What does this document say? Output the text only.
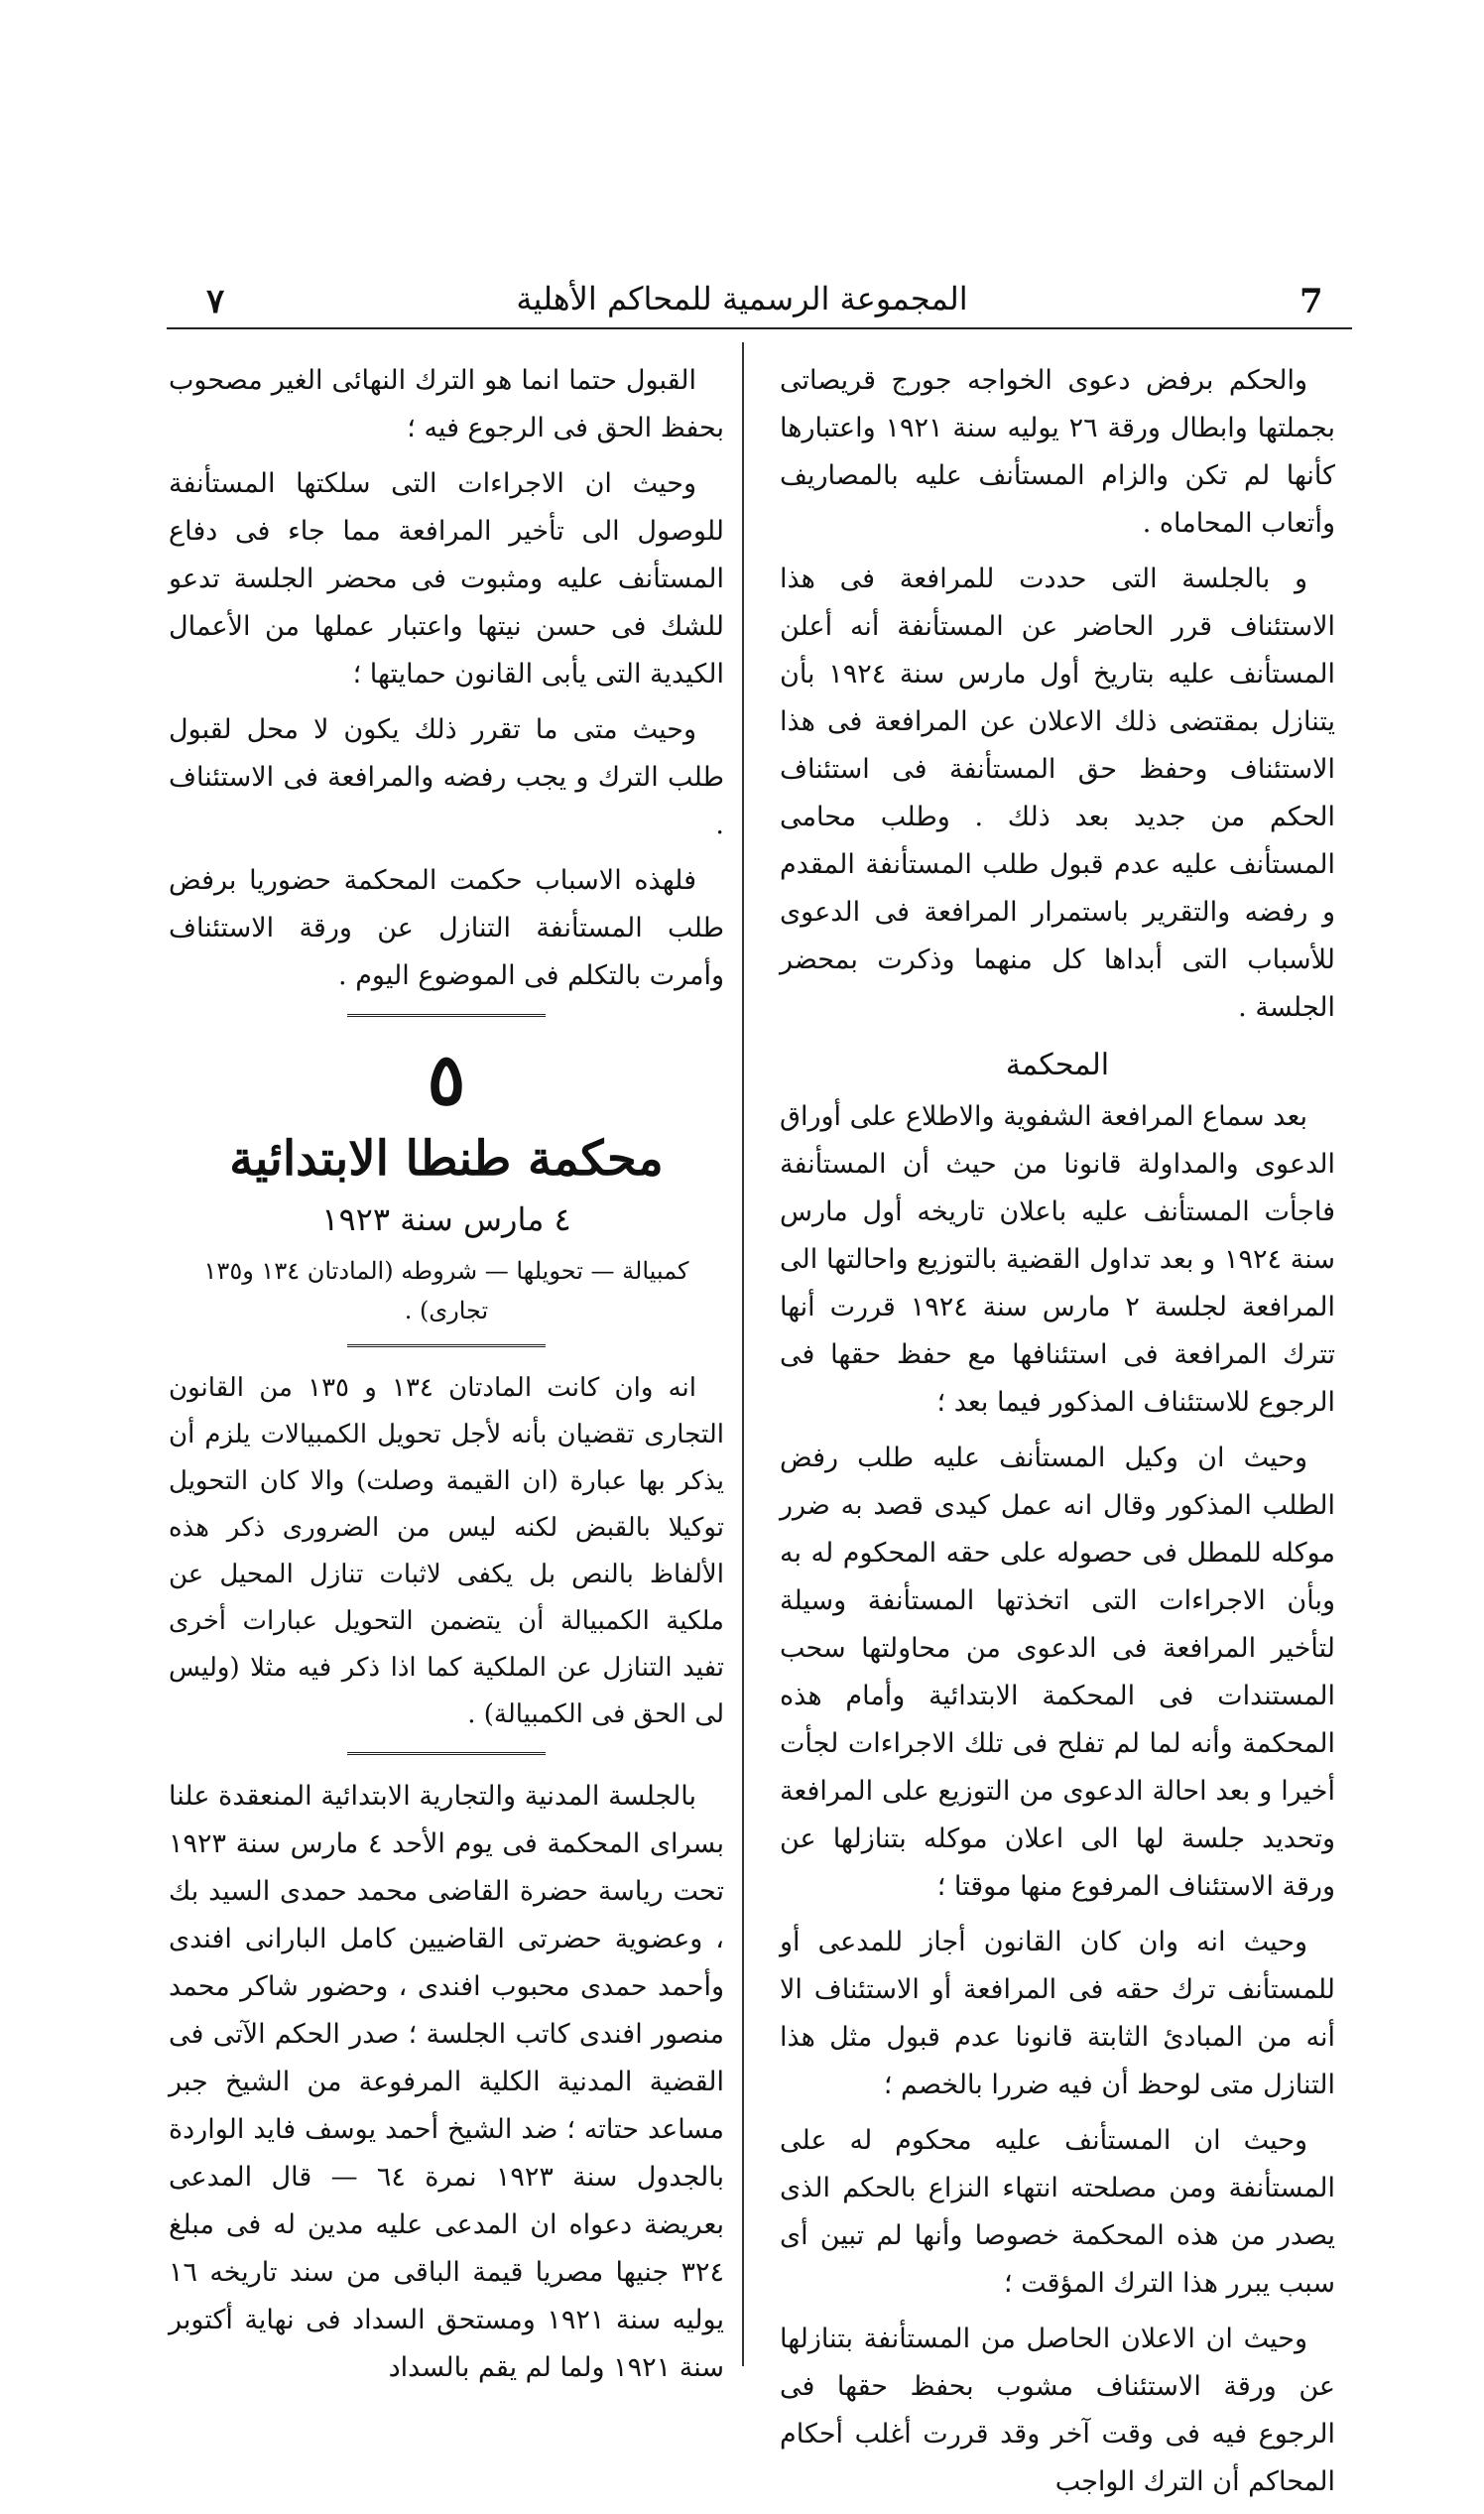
7
المجموعة الرسمية للمحاكم الأهلية
٧

والحكم برفض دعوى الخواجه جورج قريصاتى بجملتها وابطال ورقة ٢٦ يوليه سنة ١٩٢١ واعتبارها كأنها لم تكن والزام المستأنف عليه بالمصاريف وأتعاب المحاماه .

و بالجلسة التى حددت للمرافعة فى هذا الاستئناف قرر الحاضر عن المستأنفة أنه أعلن المستأنف عليه بتاريخ أول مارس سنة ١٩٢٤ بأن يتنازل بمقتضى ذلك الاعلان عن المرافعة فى هذا الاستئناف وحفظ حق المستأنفة فى استئناف الحكم من جديد بعد ذلك . وطلب محامى المستأنف عليه عدم قبول طلب المستأنفة المقدم و رفضه والتقرير باستمرار المرافعة فى الدعوى للأسباب التى أبداها كل منهما وذكرت بمحضر الجلسة .

المحكمة

بعد سماع المرافعة الشفوية والاطلاع على أوراق الدعوى والمداولة قانونا من حيث أن المستأنفة فاجأت المستأنف عليه باعلان تاريخه أول مارس سنة ١٩٢٤ و بعد تداول القضية بالتوزيع واحالتها الى المرافعة لجلسة ٢ مارس سنة ١٩٢٤ قررت أنها تترك المرافعة فى استئنافها مع حفظ حقها فى الرجوع للاستئناف المذكور فيما بعد ؛

وحيث ان وكيل المستأنف عليه طلب رفض الطلب المذكور وقال انه عمل كيدى قصد به ضرر موكله للمطل فى حصوله على حقه المحكوم له به وبأن الاجراءات التى اتخذتها المستأنفة وسيلة لتأخير المرافعة فى الدعوى من محاولتها سحب المستندات فى المحكمة الابتدائية وأمام هذه المحكمة وأنه لما لم تفلح فى تلك الاجراءات لجأت أخيرا و بعد احالة الدعوى من التوزيع على المرافعة وتحديد جلسة لها الى اعلان موكله بتنازلها عن ورقة الاستئناف المرفوع منها موقتا ؛

وحيث انه وان كان القانون أجاز للمدعى أو للمستأنف ترك حقه فى المرافعة أو الاستئناف الا أنه من المبادئ الثابتة قانونا عدم قبول مثل هذا التنازل متى لوحظ أن فيه ضررا بالخصم ؛

وحيث ان المستأنف عليه محكوم له على المستأنفة ومن مصلحته انتهاء النزاع بالحكم الذى يصدر من هذه المحكمة خصوصا وأنها لم تبين أى سبب يبرر هذا الترك المؤقت ؛

وحيث ان الاعلان الحاصل من المستأنفة بتنازلها عن ورقة الاستئناف مشوب بحفظ حقها فى الرجوع فيه فى وقت آخر وقد قررت أغلب أحكام المحاكم أن الترك الواجب

القبول حتما انما هو الترك النهائى الغير مصحوب بحفظ الحق فى الرجوع فيه ؛

وحيث ان الاجراءات التى سلكتها المستأنفة للوصول الى تأخير المرافعة مما جاء فى دفاع المستأنف عليه ومثبوت فى محضر الجلسة تدعو للشك فى حسن نيتها واعتبار عملها من الأعمال الكيدية التى يأبى القانون حمايتها ؛

وحيث متى ما تقرر ذلك يكون لا محل لقبول طلب الترك و يجب رفضه والمرافعة فى الاستئناف .

فلهذه الاسباب حكمت المحكمة حضوريا برفض طلب المستأنفة التنازل عن ورقة الاستئناف وأمرت بالتكلم فى الموضوع اليوم .

٥
محكمة طنطا الابتدائية
٤ مارس سنة ١٩٢٣
كمبيالة — تحويلها — شروطه (المادتان ١٣٤ و١٣٥ تجارى) .

انه وان كانت المادتان ١٣٤ و ١٣٥ من القانون التجارى تقضيان بأنه لأجل تحويل الكمبيالات يلزم أن يذكر بها عبارة (ان القيمة وصلت) والا كان التحويل توكيلا بالقبض لكنه ليس من الضرورى ذكر هذه الألفاظ بالنص بل يكفى لاثبات تنازل المحيل عن ملكية الكمبيالة أن يتضمن التحويل عبارات أخرى تفيد التنازل عن الملكية كما اذا ذكر فيه مثلا (وليس لى الحق فى الكمبيالة) .

بالجلسة المدنية والتجارية الابتدائية المنعقدة علنا بسراى المحكمة فى يوم الأحد ٤ مارس سنة ١٩٢٣ تحت رياسة حضرة القاضى محمد حمدى السيد بك ، وعضوية حضرتى القاضيين كامل البارانى افندى وأحمد حمدى محبوب افندى ، وحضور شاكر محمد منصور افندى كاتب الجلسة ؛ صدر الحكم الآتى فى القضية المدنية الكلية المرفوعة من الشيخ جبر مساعد حتاته ؛ ضد الشيخ أحمد يوسف فايد الواردة بالجدول سنة ١٩٢٣ نمرة ٦٤ — قال المدعى بعريضة دعواه ان المدعى عليه مدين له فى مبلغ ٣٢٤ جنيها مصريا قيمة الباقى من سند تاريخه ١٦ يوليه سنة ١٩٢١ ومستحق السداد فى نهاية أكتوبر سنة ١٩٢١ ولما لم يقم بالسداد
